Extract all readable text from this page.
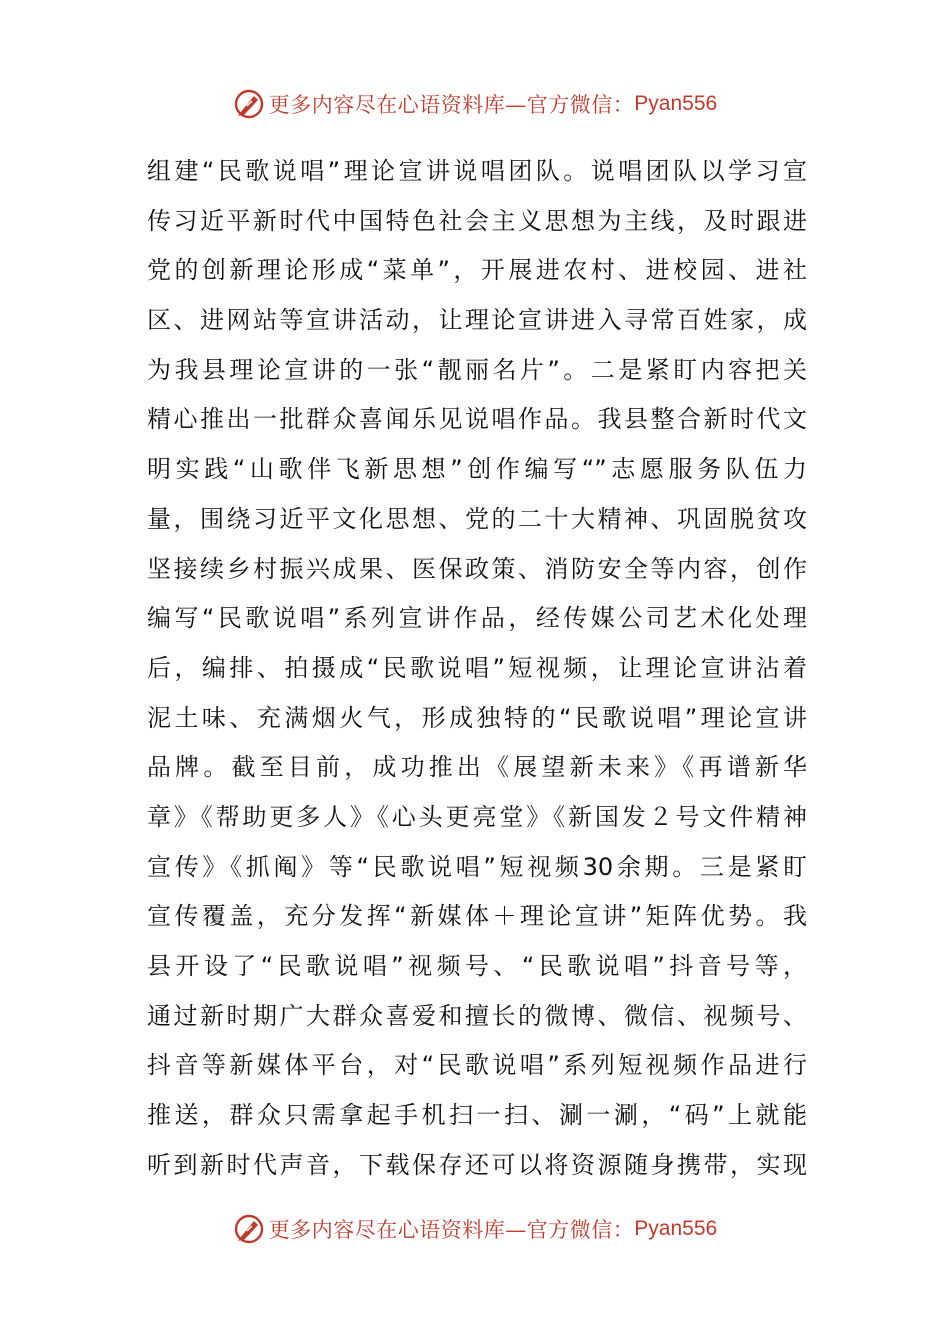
更多内容尽在心语资料库—官方微信： Pyan556
组建“民歌说唱”理论宣讲说唱团队。说唱团队以学习宣
传习近平新时代中国特色社会主义思想为主线，及时跟进
党的创新理论形成“菜单”，开展进农村、进校园、进社
区、进网站等宣讲活动，让理论宣讲进入寻常百姓家，成
为我县理论宣讲的一张“靓丽名片”。二是紧盯内容把关
精心推出一批群众喜闻乐见说唱作品。我县整合新时代文
明实践“山歌伴飞新思想”创作编写“”志愿服务队伍力
量，围绕习近平文化思想、党的二十大精神、巩固脱贫攻
坚接续乡村振兴成果、医保政策、消防安全等内容，创作
编写“民歌说唱”系列宣讲作品，经传媒公司艺术化处理
后，编排、拍摄成“民歌说唱”短视频，让理论宣讲沾着
泥土味、充满烟火气，形成独特的“民歌说唱”理论宣讲
品牌。截至目前，成功推出《展望新未来》《再谱新华
章》《帮助更多人》《心头更亮堂》《新国发２号文件精神
宣传》《抓阄》等“民歌说唱”短视频30余期。三是紧盯
宣传覆盖，充分发挥“新媒体＋理论宣讲”矩阵优势。我
县开设了“民歌说唱”视频号、“民歌说唱”抖音号等，
通过新时期广大群众喜爱和擅长的微博、微信、视频号、
抖音等新媒体平台，对“民歌说唱”系列短视频作品进行
推送，群众只需拿起手机扫一扫、涮一涮，“码”上就能
听到新时代声音，下载保存还可以将资源随身携带，实现
更多内容尽在心语资料库—官方微信： Pyan556
